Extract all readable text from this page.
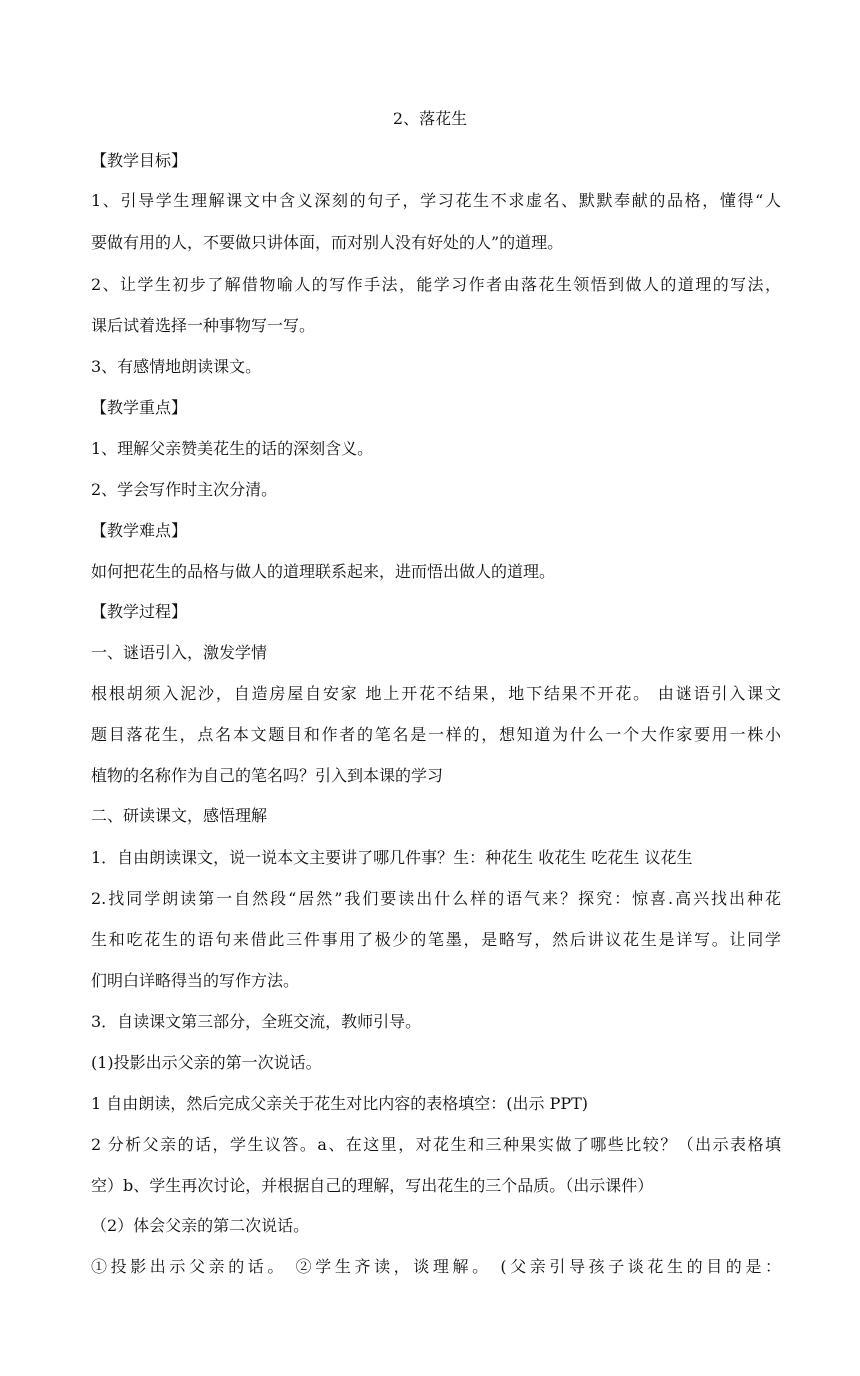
2、落花生
【教学目标】
1、引导学生理解课文中含义深刻的句子，学习花生不求虚名、默默奉献的品格，懂得“人
要做有用的人，不要做只讲体面，而对别人没有好处的人”的道理。
2、让学生初步了解借物喻人的写作手法，能学习作者由落花生领悟到做人的道理的写法，
课后试着选择一种事物写一写。
3、有感情地朗读课文。
【教学重点】
1、理解父亲赞美花生的话的深刻含义。
2、学会写作时主次分清。
【教学难点】
如何把花生的品格与做人的道理联系起来，进而悟出做人的道理。
【教学过程】
一、谜语引入，激发学情
根根胡须入泥沙，自造房屋自安家 地上开花不结果，地下结果不开花。 由谜语引入课文
题目落花生，点名本文题目和作者的笔名是一样的，想知道为什么一个大作家要用一株小
植物的名称作为自己的笔名吗？引入到本课的学习
二、研读课文，感悟理解
1．自由朗读课文，说一说本文主要讲了哪几件事？生：种花生 收花生 吃花生 议花生
2.找同学朗读第一自然段“居然”我们要读出什么样的语气来？探究：惊喜.高兴找出种花
生和吃花生的语句来借此三件事用了极少的笔墨，是略写，然后讲议花生是详写。让同学
们明白详略得当的写作方法。
3．自读课文第三部分，全班交流，教师引导。
(1)投影出示父亲的第一次说话。
1 自由朗读，然后完成父亲关于花生对比内容的表格填空：(出示 PPT)
2 分析父亲的话，学生议答。a、在这里，对花生和三种果实做了哪些比较？（出示表格填
空）b、学生再次讨论，并根据自己的理解，写出花生的三个品质。（出示课件）
（2）体会父亲的第二次说话。
①投影出示父亲的话。 ②学生齐读，谈理解。 (父亲引导孩子谈花生的目的是：
